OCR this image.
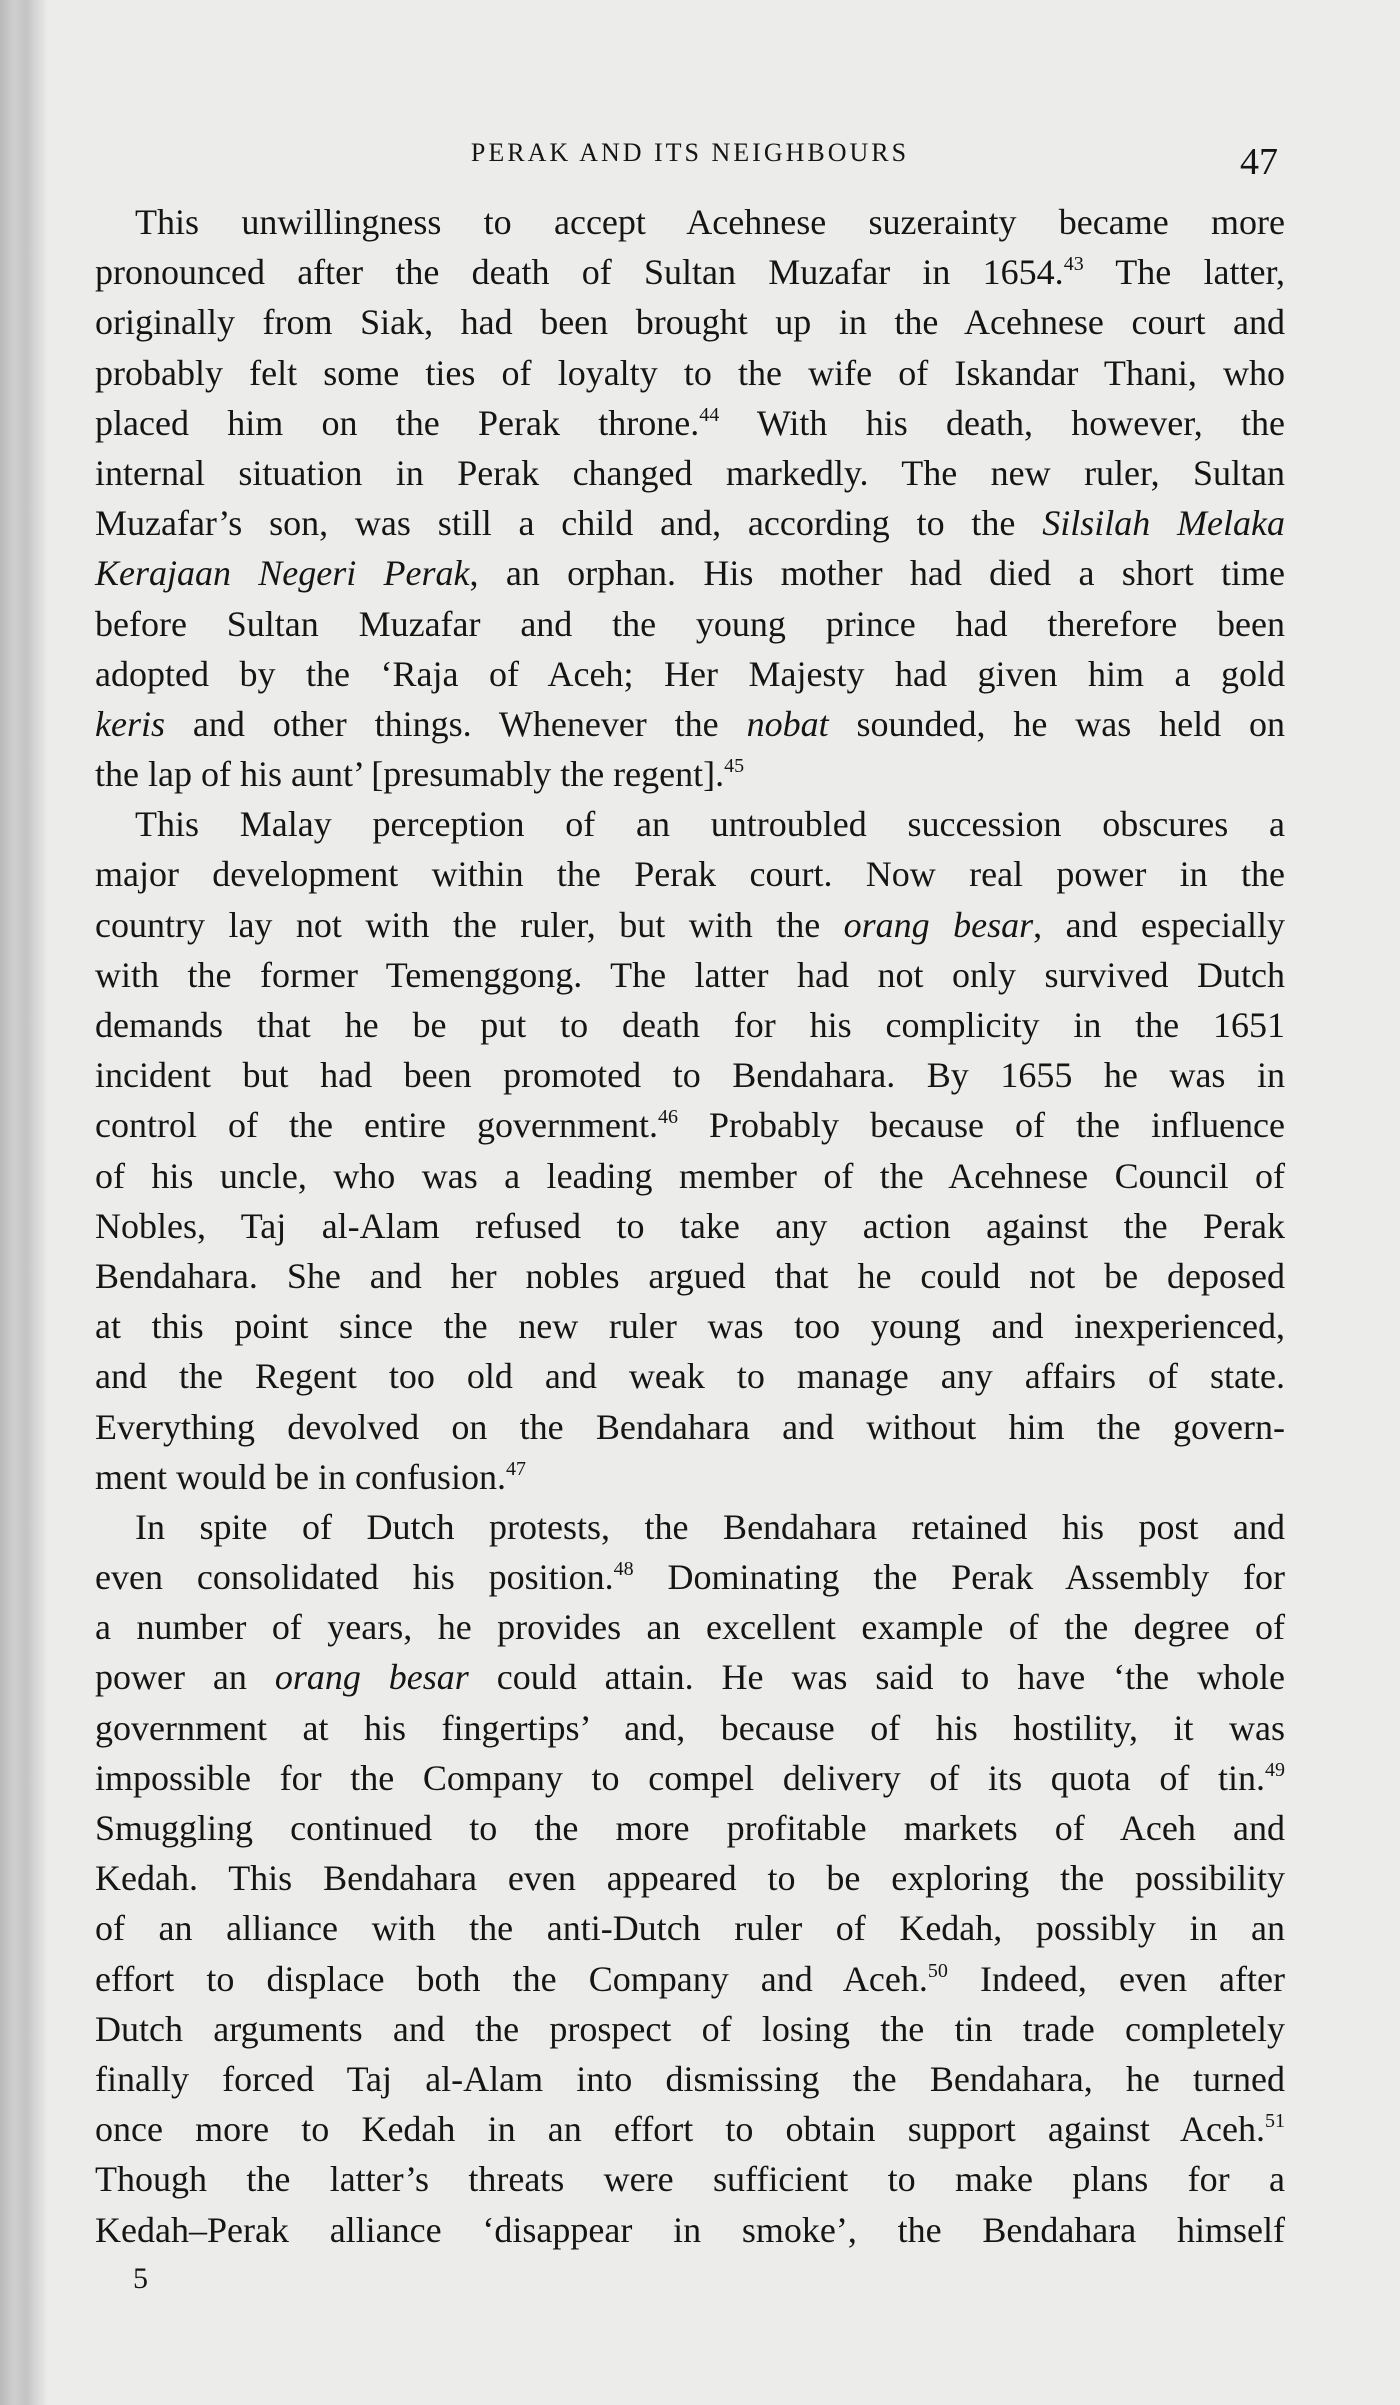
PERAK AND ITS NEIGHBOURS	47
This unwillingness to accept Acehnese suzerainty became more
pronounced after the death of Sultan Muzafar in 1654.43 The latter,
originally from Siak, had been brought up in the Acehnese court and
probably felt some ties of loyalty to the wife of Iskandar Thani, who
placed him on the Perak throne.$^{44}$ With his death, however, the
internal situation in Perak changed markedly. The new ruler, Sultan
Muzafar’s son, was still a child and, according to the Silsilah Melaka
Kerajaan Negeri Perak, an orphan. His mother had died a short time
before Sultan Muzafar and the young prince had therefore been
adopted by the ‘Raja of Aceh; Her Majesty had given him a gold
keris and other things. Whenever the nobat sounded, he was held on
the lap of his aunt’ [presumably the regent].$^{45}$
This Malay perception of an untroubled succession obscures a
major development within the Perak court. Now real power in the
country lay not with the ruler, but with the orang besar, and especially
with the former Temenggong. The latter had not only survived Dutch
demands that he be put to death for his complicity in the 1651
incident but had been promoted to Bendahara. By 1655 he was in
control of the entire government.$^{46}$ Probably because of the influence
of his uncle, who was a leading member of the Acehnese Council of
Nobles, Taj al-Alam refused to take any action against the Perak
Bendahara. She and her nobles argued that he could not be deposed
at this point since the new ruler was too young and inexperienced,
and the Regent too old and weak to manage any affairs of state.
Everything devolved on the Bendahara and without him the govern-
ment would be in confusion.$^{47}$
In spite of Dutch protests, the Bendahara retained his post and
even consolidated his position.$^{48}$ Dominating the Perak Assembly for
a number of years, he provides an excellent example of the degree of
power an orang besar could attain. He was said to have ‘the whole
government at his fingertips’ and, because of his hostility, it was
impossible for the Company to compel delivery of its quota of tin.$^{49}$
Smuggling continued to the more profitable markets of Aceh and
Kedah. This Bendahara even appeared to be exploring the possibility
of an alliance with the anti-Dutch ruler of Kedah, possibly in an
effort to displace both the Company and Aceh.$^{50}$ Indeed, even after
Dutch arguments and the prospect of losing the tin trade completely
finally forced Taj al-Alam into dismissing the Bendahara, he turned
once more to Kedah in an effort to obtain support against Aceh.$^{51}$
Though the latter’s threats were sufficient to make plans for a
Kedah–Perak alliance ‘disappear in smoke’, the Bendahara himself
5
